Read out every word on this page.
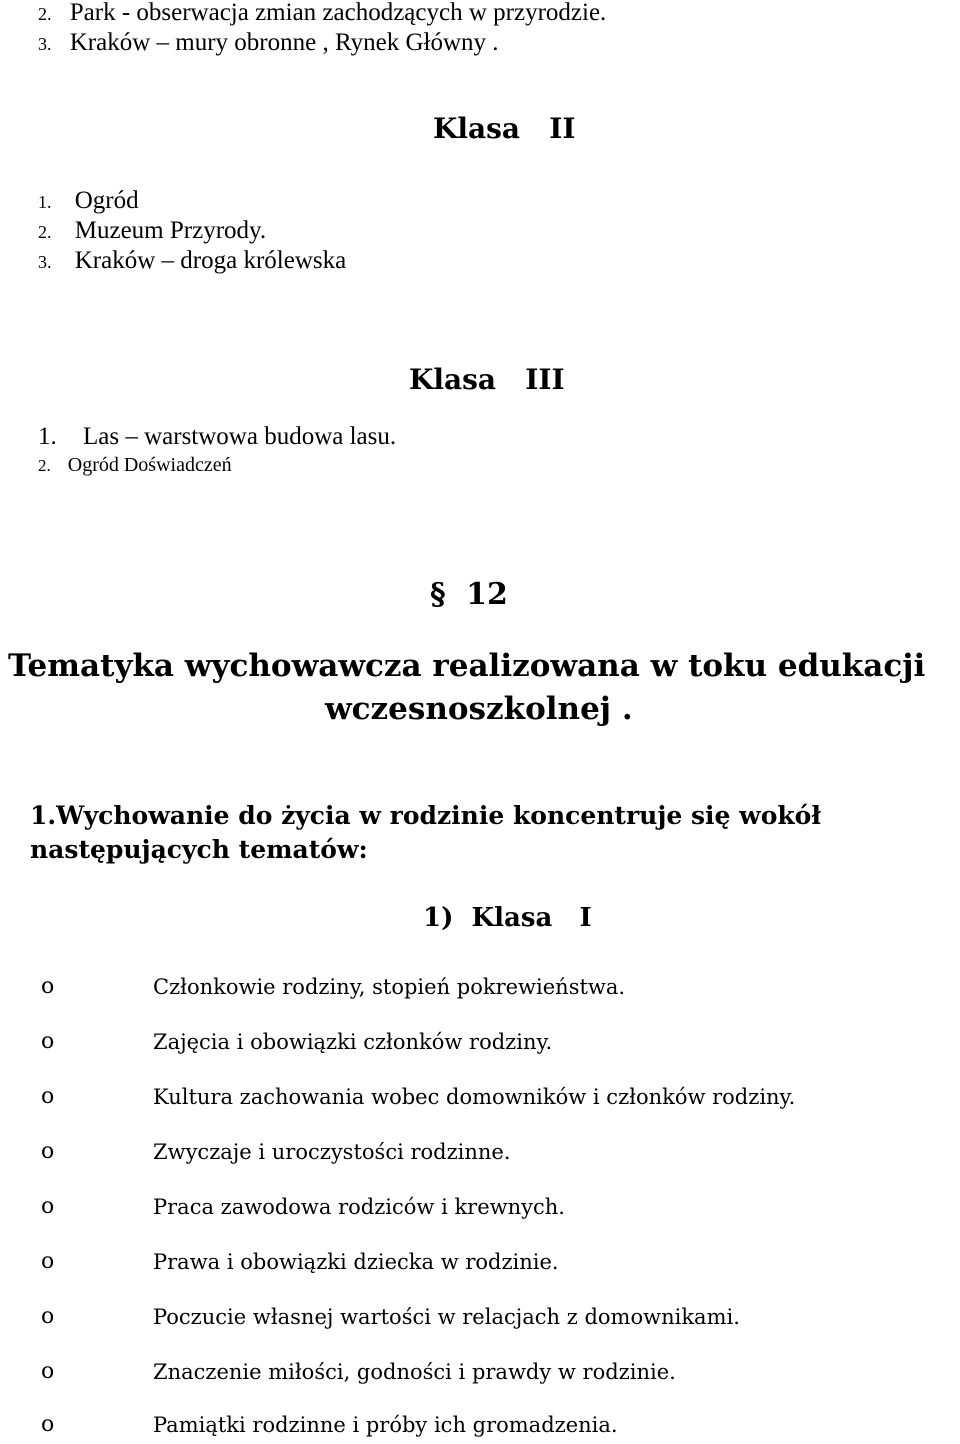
2. Park - obserwacja zmian zachodzących w przyrodzie.
3. Kraków – mury obronne , Rynek Główny .
Klasa   II
1. Ogród
2. Muzeum Przyrody.
3. Kraków – droga królewska
Klasa   III
1. Las – warstwowa budowa lasu.
2. Ogród Doświadczeń
§ 12
Tematyka wychowawcza realizowana w toku edukacji
wczesnoszkolnej .
1.Wychowanie do życia w rodzinie koncentruje się wokół
następujących tematów:
1)  Klasa   I
o	Członkowie rodziny, stopień pokrewieństwa.
o	Zajęcia i obowiązki członków rodziny.
o	Kultura zachowania wobec domowników i członków rodziny.
o	Zwyczaje i uroczystości rodzinne.
o	Praca zawodowa rodziców i krewnych.
o	Prawa i obowiązki dziecka w rodzinie.
o	Poczucie własnej wartości w relacjach z domownikami.
o	Znaczenie miłości, godności i prawdy w rodzinie.
o	Pamiątki rodzinne i próby ich gromadzenia.
